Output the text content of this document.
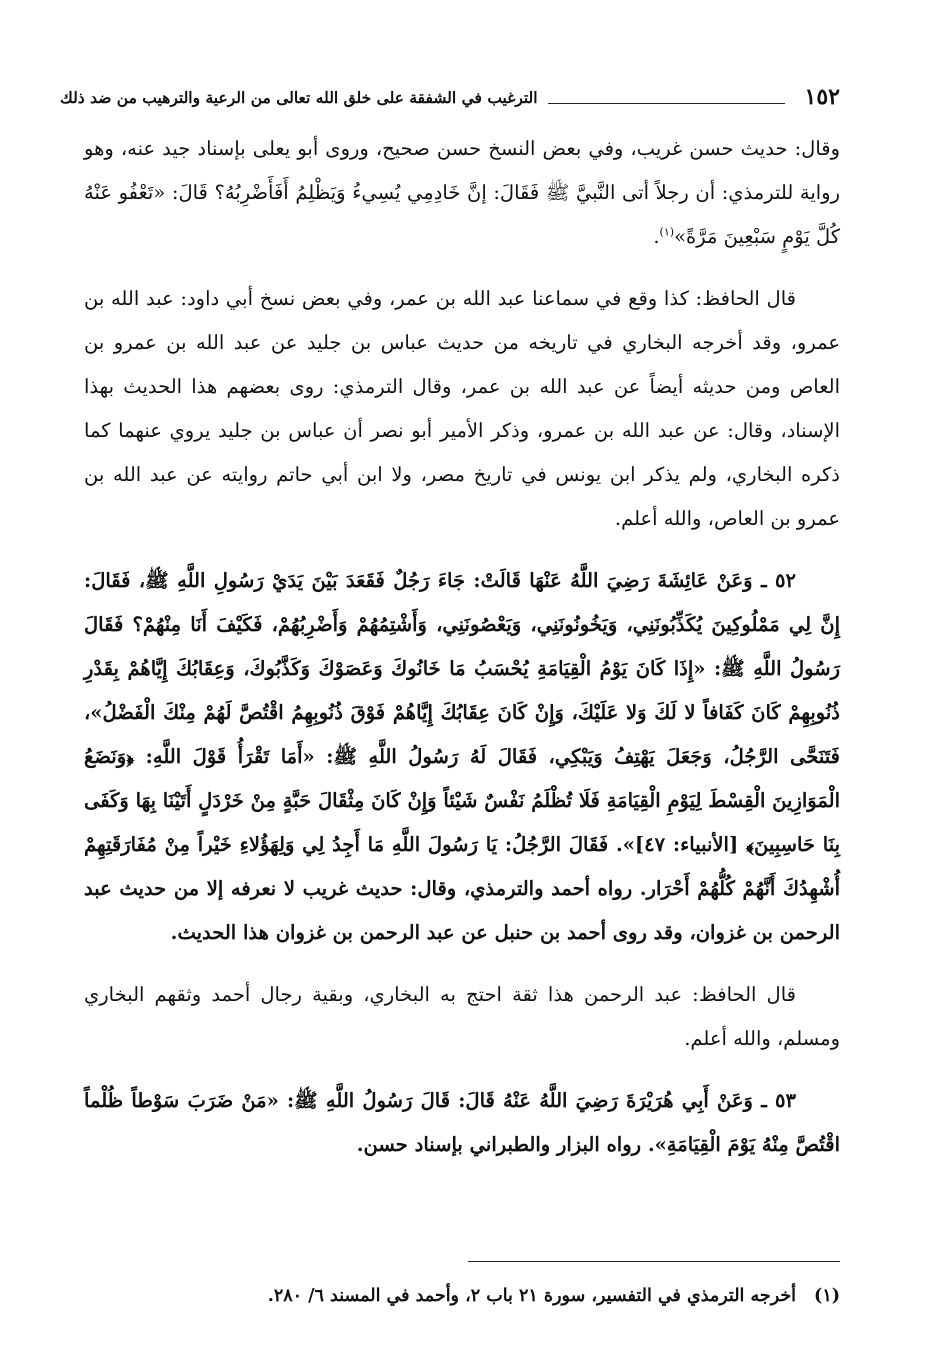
١٥٢
الترغيب في الشفقة على خلق الله تعالى من الرعية والترهيب من ضد ذلك

وقال: حديث حسن غريب، وفي بعض النسخ حسن صحيح، وروى أبو يعلى بإسناد جيد عنه، وهو رواية للترمذي: أن رجلاً أتى النَّبيَّ ﷺ فَقَالَ: إنَّ خَادِمِي يُسِيءُ وَيَظْلِمُ أَفَأَضْرِبُهُ؟ قَالَ: «تَعْفُو عَنْهُ كُلَّ يَوْمٍ سَبْعِينَ مَرَّةً»$^{(١)}$.

قال الحافظ: كذا وقع في سماعنا عبد الله بن عمر، وفي بعض نسخ أبي داود: عبد الله بن عمرو، وقد أخرجه البخاري في تاريخه من حديث عباس بن جليد عن عبد الله بن عمرو بن العاص ومن حديثه أيضاً عن عبد الله بن عمر، وقال الترمذي: روى بعضهم هذا الحديث بهذا الإسناد، وقال: عن عبد الله بن عمرو، وذكر الأمير أبو نصر أن عباس بن جليد يروي عنهما كما ذكره البخاري، ولم يذكر ابن يونس في تاريخ مصر، ولا ابن أبي حاتم روايته عن عبد الله بن عمرو بن العاص، والله أعلم.

٥٢ ـ وَعَنْ عَائِشَةَ رَضِيَ اللَّهُ عَنْهَا قَالَتْ: جَاءَ رَجُلٌ فَقَعَدَ بَيْنَ يَدَيْ رَسُولِ اللَّهِ ﷺ، فَقَالَ: إِنَّ لِي مَمْلُوكِينَ يُكَذِّبُونَنِي، وَيَخُونُونَنِي، وَيَعْصُونَنِي، وَأَشْتِمُهُمْ وَأَضْرِبُهُمْ، فَكَيْفَ أَنَا مِنْهُمْ؟ فَقَالَ رَسُولُ اللَّهِ ﷺ: «إِذَا كَانَ يَوْمُ الْقِيَامَةِ يُحْسَبُ مَا خَانُوكَ وَعَصَوْكَ وَكَذَّبُوكَ، وَعِقَابُكَ إِيَّاهُمْ بِقَدْرِ ذُنُوبِهِمْ كَانَ كَفَافاً لا لَكَ وَلا عَلَيْكَ، وَإِنْ كَانَ عِقَابُكَ إِيَّاهُمْ فَوْقَ ذُنُوبِهِمُ اقْتُصَّ لَهُمْ مِنْكَ الْفَضْلُ»، فَتَنَحَّى الرَّجُلُ، وَجَعَلَ يَهْتِفُ وَيَبْكِي، فَقَالَ لَهُ رَسُولُ اللَّهِ ﷺ: «أَمَا تَقْرَأُ قَوْلَ اللَّهِ: ﴿وَنَضَعُ الْمَوَازِينَ الْقِسْطَ لِيَوْمِ الْقِيَامَةِ فَلَا تُظْلَمُ نَفْسٌ شَيْئاً وَإِنْ كَانَ مِثْقَالَ حَبَّةٍ مِنْ خَرْدَلٍ أَتَيْنَا بِهَا وَكَفَى بِنَا حَاسِبِينَ﴾ [الأنبياء: ٤٧]». فَقَالَ الرَّجُلُ: يَا رَسُولَ اللَّهِ مَا أَجِدُ لِي وَلِهَؤُلاءِ خَيْراً مِنْ مُفَارَقَتِهِمْ أُشْهِدُكَ أَنَّهُمْ كُلُّهُمْ أَحْرَار. رواه أحمد والترمذي، وقال: حديث غريب لا نعرفه إلا من حديث عبد الرحمن بن غزوان، وقد روى أحمد بن حنبل عن عبد الرحمن بن غزوان هذا الحديث.

قال الحافظ: عبد الرحمن هذا ثقة احتج به البخاري، وبقية رجال أحمد وثقهم البخاري ومسلم، والله أعلم.

٥٣ ـ وَعَنْ أَبِي هُرَيْرَةَ رَضِيَ اللَّهُ عَنْهُ قَالَ: قَالَ رَسُولُ اللَّهِ ﷺ: «مَنْ ضَرَبَ سَوْطاً ظُلْماً اقْتُصَّ مِنْهُ يَوْمَ الْقِيَامَةِ». رواه البزار والطبراني بإسناد حسن.

(١)
أخرجه الترمذي في التفسير، سورة ٢١ باب ٢، وأحمد في المسند ٦/ ٢٨٠.
